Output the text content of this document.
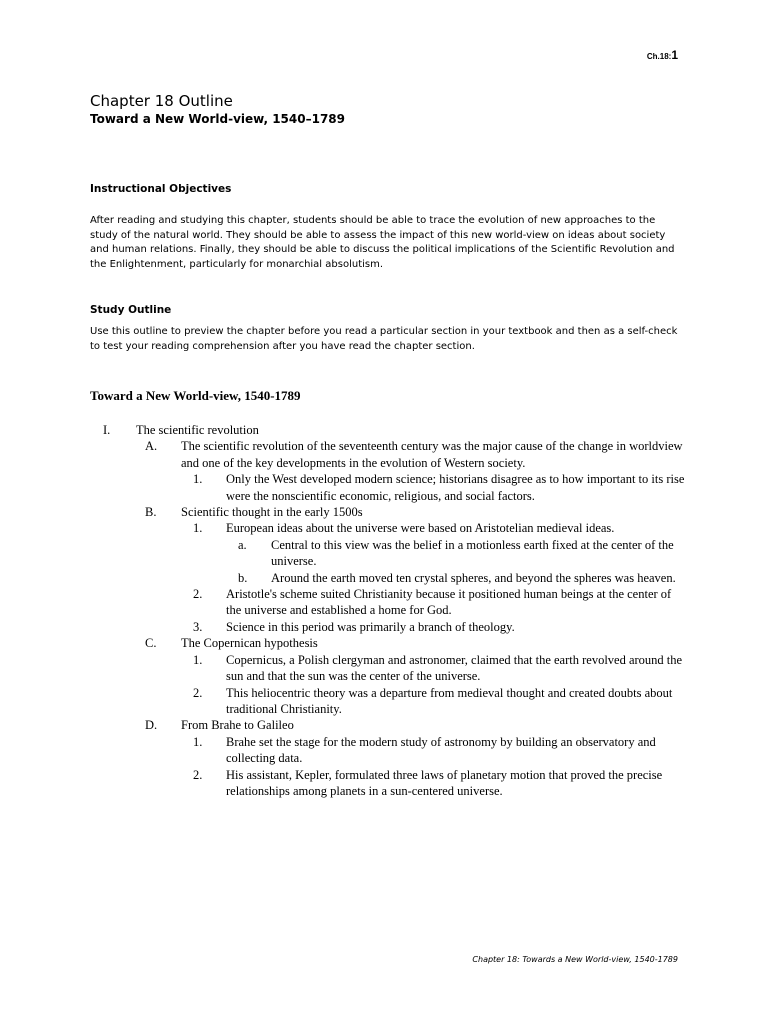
Ch.18:1
Chapter 18 Outline
Toward a New World-view, 1540–1789
Instructional Objectives
After reading and studying this chapter, students should be able to trace the evolution of new approaches to the study of the natural world. They should be able to assess the impact of this new world-view on ideas about society and human relations. Finally, they should be able to discuss the political implications of the Scientific Revolution and the Enlightenment, particularly for monarchial absolutism.
Study Outline
Use this outline to preview the chapter before you read a particular section in your textbook and then as a self-check to test your reading comprehension after you have read the chapter section.
Toward a New World-view, 1540-1789
I. The scientific revolution
A. The scientific revolution of the seventeenth century was the major cause of the change in worldview and one of the key developments in the evolution of Western society.
1. Only the West developed modern science; historians disagree as to how important to its rise were the nonscientific economic, religious, and social factors.
B. Scientific thought in the early 1500s
1. European ideas about the universe were based on Aristotelian medieval ideas.
a. Central to this view was the belief in a motionless earth fixed at the center of the universe.
b. Around the earth moved ten crystal spheres, and beyond the spheres was heaven.
2. Aristotle's scheme suited Christianity because it positioned human beings at the center of the universe and established a home for God.
3. Science in this period was primarily a branch of theology.
C. The Copernican hypothesis
1. Copernicus, a Polish clergyman and astronomer, claimed that the earth revolved around the sun and that the sun was the center of the universe.
2. This heliocentric theory was a departure from medieval thought and created doubts about traditional Christianity.
D. From Brahe to Galileo
1. Brahe set the stage for the modern study of astronomy by building an observatory and collecting data.
2. His assistant, Kepler, formulated three laws of planetary motion that proved the precise relationships among planets in a sun-centered universe.
Chapter 18: Towards a New World-view, 1540-1789
